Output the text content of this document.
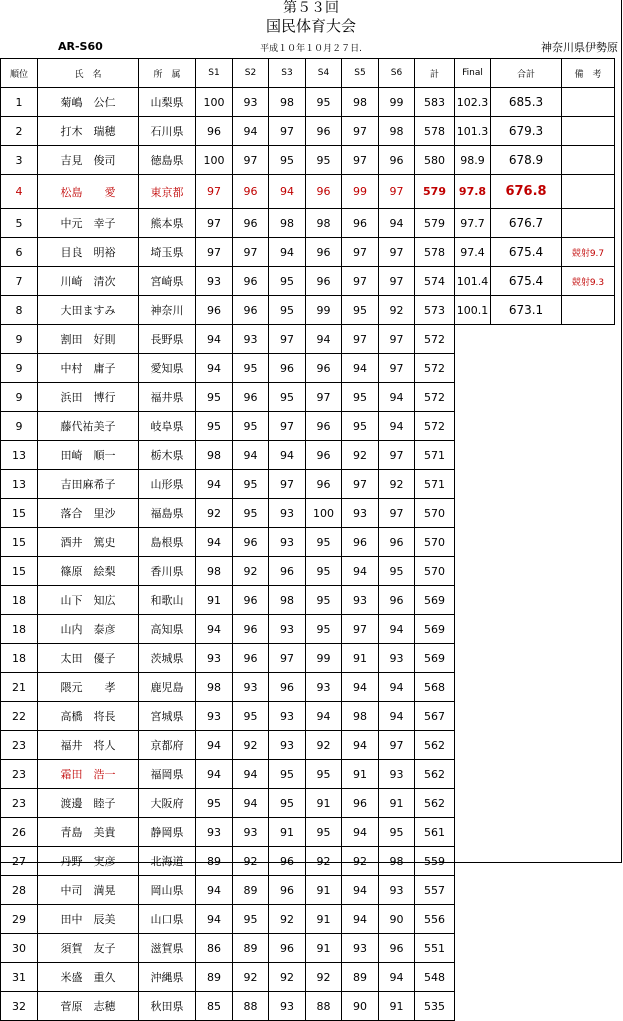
第５３回
国民体育大会
AR-S60	平成１０年１０月２７日.	神奈川県伊勢原
順位	氏　名	所　属	S1	S2	S3	S4	S5	S6	計	Final	合計	備　考
1	菊嶋　公仁	山梨県	100	93	98	95	98	99	583	102.3	685.3	
2	打木　瑞穂	石川県	96	94	97	96	97	98	578	101.3	679.3	
3	吉見　俊司	徳島県	100	97	95	95	97	96	580	98.9	678.9	
4	松島　　愛	東京都	97	96	94	96	99	97	579	97.8	676.8	
5	中元　幸子	熊本県	97	96	98	98	96	94	579	97.7	676.7	
6	目良　明裕	埼玉県	97	97	94	96	97	97	578	97.4	675.4	競射9.7
7	川崎　清次	宮崎県	93	96	95	96	97	97	574	101.4	675.4	競射9.3
8	大田ますみ	神奈川	96	96	95	99	95	92	573	100.1	673.1	
9	割田　好則	長野県	94	93	97	94	97	97	572			
9	中村　庸子	愛知県	94	95	96	96	94	97	572			
9	浜田　博行	福井県	95	96	95	97	95	94	572			
9	藤代祐美子	岐阜県	95	95	97	96	95	94	572			
13	田崎　順一	栃木県	98	94	94	96	92	97	571			
13	吉田麻希子	山形県	94	95	97	96	97	92	571			
15	落合　里沙	福島県	92	95	93	100	93	97	570			
15	酒井　篤史	島根県	94	96	93	95	96	96	570			
15	篠原　絵梨	香川県	98	92	96	95	94	95	570			
18	山下　知広	和歌山	91	96	98	95	93	96	569			
18	山内　泰彦	高知県	94	96	93	95	97	94	569			
18	太田　優子	茨城県	93	96	97	99	91	93	569			
21	隈元　　孝	鹿児島	98	93	96	93	94	94	568			
22	高橋　将長	宮城県	93	95	93	94	98	94	567			
23	福井　将人	京都府	94	92	93	92	94	97	562			
23	霜田　浩一	福岡県	94	94	95	95	91	93	562			
23	渡邊　睦子	大阪府	95	94	95	91	96	91	562			
26	青島　美貴	静岡県	93	93	91	95	94	95	561			
27	丹野　実彦	北海道	89	92	96	92	92	98	559			
28	中司　満晃	岡山県	94	89	96	91	94	93	557			
29	田中　辰美	山口県	94	95	92	91	94	90	556			
30	須賀　友子	滋賀県	86	89	96	91	93	96	551			
31	米盛　重久	沖縄県	89	92	92	92	89	94	548			
32	菅原　志穂	秋田県	85	88	93	88	90	91	535			
